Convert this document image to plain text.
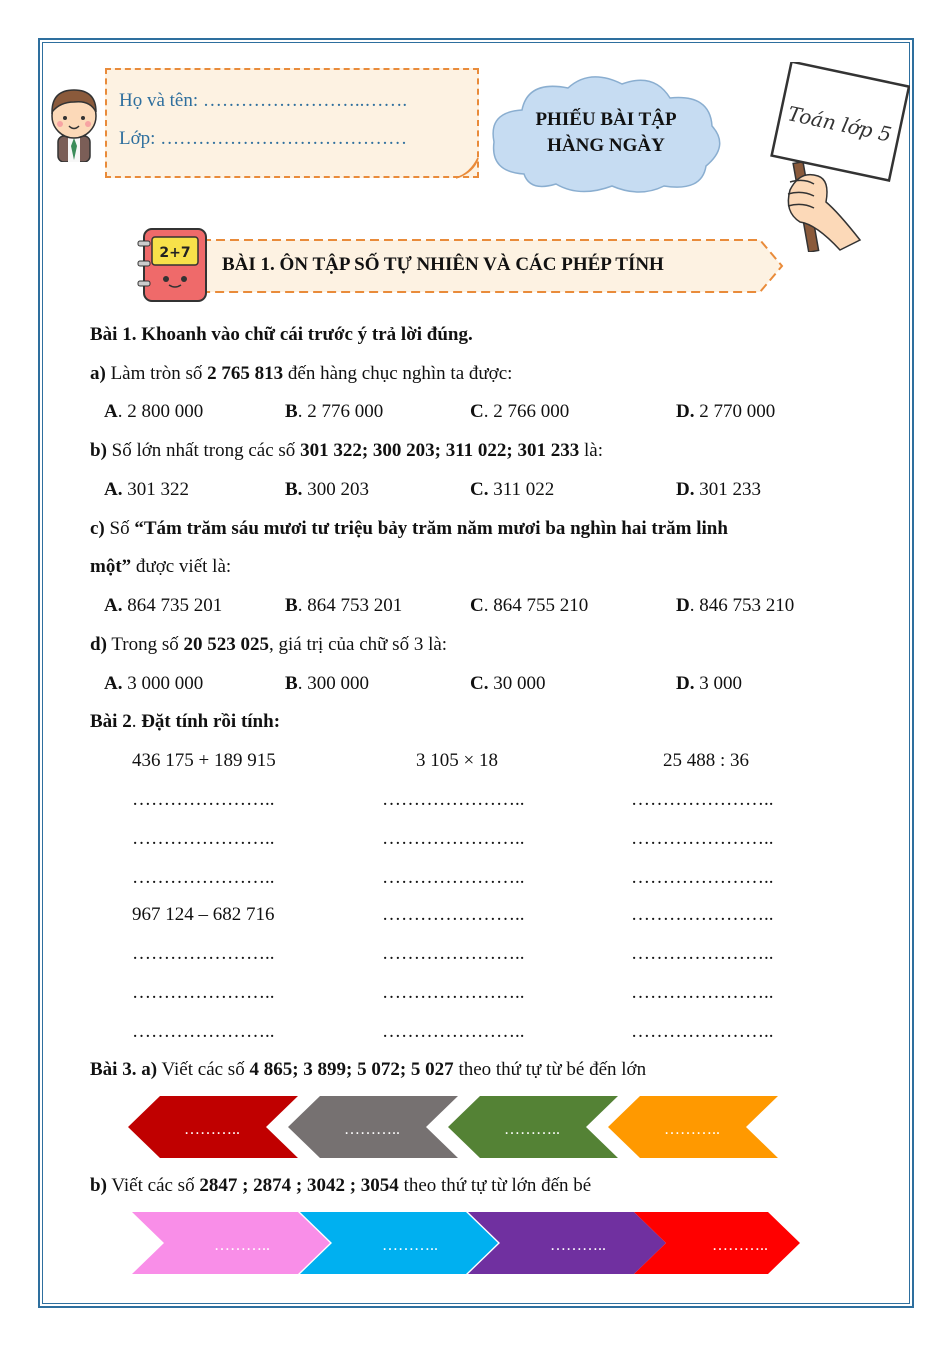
Họ và tên: ……………………..…….
Lớp: …………………………………
PHIẾU BÀI TẬP
HÀNG NGÀY	Toán lớp 5
2+7
BÀI 1. ÔN TẬP SỐ TỰ NHIÊN VÀ CÁC PHÉP TÍNH
Bài 1. Khoanh vào chữ cái trước ý trả lời đúng.
a) Làm tròn số 2 765 813 đến hàng chục nghìn ta được:
A. 2 800 000	B. 2 776 000	C. 2 766 000	D. 2 770 000
b) Số lớn nhất trong các số 301 322; 300 203; 311 022; 301 233 là:
A. 301 322	B. 300 203	C. 311 022	D. 301 233
c) Số “Tám trăm sáu mươi tư triệu bảy trăm năm mươi ba nghìn hai trăm linh
một” được viết là:
A. 864 735 201	B. 864 753 201	C. 864 755 210	D. 846 753 210
d) Trong số 20 523 025, giá trị của chữ số 3 là:
A. 3 000 000	B. 300 000	C. 30 000	D. 3 000
Bài 2. Đặt tính rồi tính:
436 175 + 189 915	3 105 × 18	25 488 : 36
…………………..	…………………..	…………………..
…………………..	…………………..	…………………..
…………………..	…………………..	…………………..
967 124 – 682 716	…………………..	…………………..
…………………..	…………………..	…………………..
…………………..	…………………..	…………………..
…………………..	…………………..	…………………..
Bài 3. a) Viết các số 4 865; 3 899; 5 072; 5 027 theo thứ tự từ bé đến lớn
………..	………..	………..	………..
b) Viết các số 2847 ; 2874 ; 3042 ; 3054 theo thứ tự từ lớn đến bé
………..	………..	………..	………..
